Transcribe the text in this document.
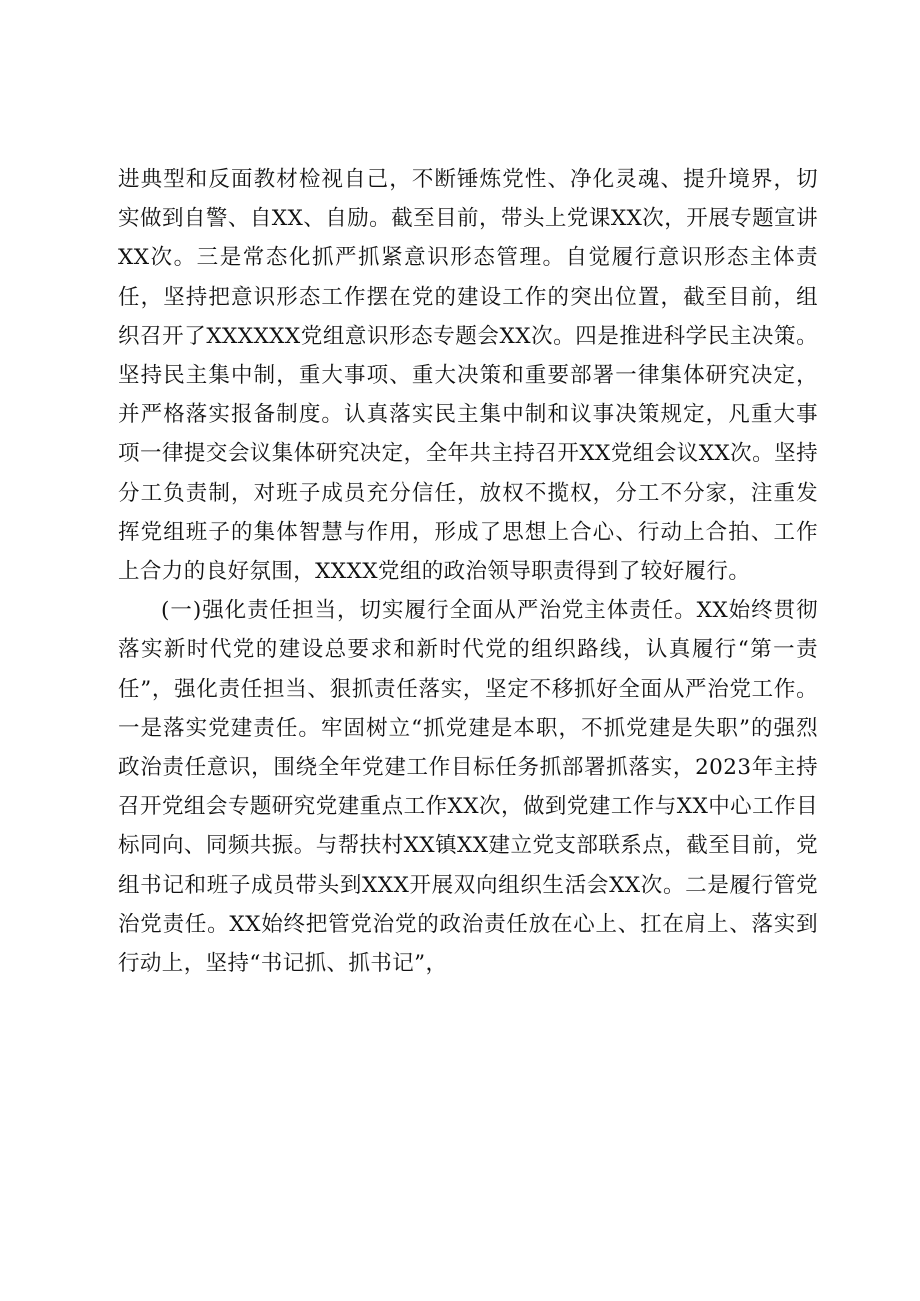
进典型和反面教材检视自己，不断锤炼党性、净化灵魂、提升境界，切实做到自警、自XX、自励。截至目前，带头上党课XX次，开展专题宣讲XX次。三是常态化抓严抓紧意识形态管理。自觉履行意识形态主体责任，坚持把意识形态工作摆在党的建设工作的突出位置，截至目前，组织召开了XXXXXX党组意识形态专题会XX次。四是推进科学民主决策。坚持民主集中制，重大事项、重大决策和重要部署一律集体研究决定，并严格落实报备制度。认真落实民主集中制和议事决策规定，凡重大事项一律提交会议集体研究决定，全年共主持召开XX党组会议XX次。坚持分工负责制，对班子成员充分信任，放权不揽权，分工不分家，注重发挥党组班子的集体智慧与作用，形成了思想上合心、行动上合拍、工作上合力的良好氛围，XXXX党组的政治领导职责得到了较好履行。

(一)强化责任担当，切实履行全面从严治党主体责任。XX始终贯彻落实新时代党的建设总要求和新时代党的组织路线，认真履行“第一责任”，强化责任担当、狠抓责任落实，坚定不移抓好全面从严治党工作。一是落实党建责任。牢固树立“抓党建是本职，不抓党建是失职”的强烈政治责任意识，围绕全年党建工作目标任务抓部署抓落实，2023年主持召开党组会专题研究党建重点工作XX次，做到党建工作与XX中心工作目标同向、同频共振。与帮扶村XX镇XX建立党支部联系点，截至目前，党组书记和班子成员带头到XXX开展双向组织生活会XX次。二是履行管党治党责任。XX始终把管党治党的政治责任放在心上、扛在肩上、落实到行动上，坚持“书记抓、抓书记”，
